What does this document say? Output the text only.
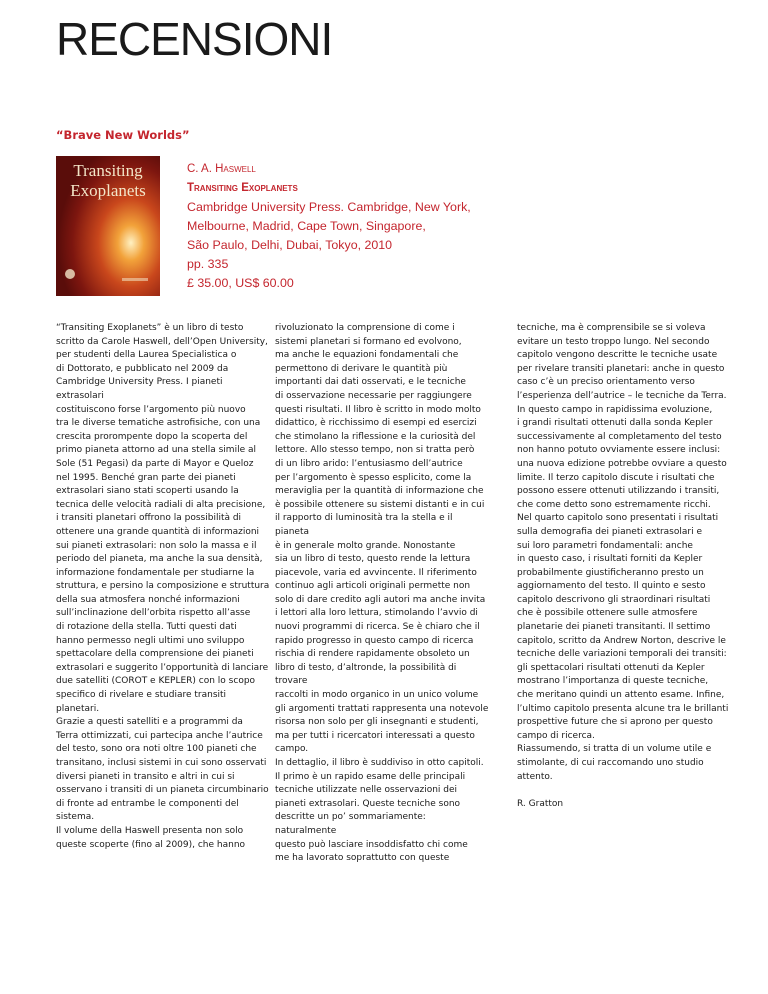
RECENSIONI
“Brave New Worlds”
Transiting
Exoplanets
C. A. Haswell
Transiting Exoplanets
Cambridge University Press. Cambridge, New York,
Melbourne, Madrid, Cape Town, Singapore,
São Paulo, Delhi, Dubai, Tokyo, 2010
pp. 335
£ 35.00, US$ 60.00

“Transiting Exoplanets” è un libro di testo
scritto da Carole Haswell, dell’Open University,
per studenti della Laurea Specialistica o
di Dottorato, e pubblicato nel 2009 da
Cambridge University Press. I pianeti extrasolari
costituiscono forse l’argomento più nuovo
tra le diverse tematiche astrofisiche, con una
crescita prorompente dopo la scoperta del
primo pianeta attorno ad una stella simile al
Sole (51 Pegasi) da parte di Mayor e Queloz
nel 1995. Benché gran parte dei pianeti
extrasolari siano stati scoperti usando la
tecnica delle velocità radiali di alta precisione,
i transiti planetari offrono la possibilità di
ottenere una grande quantità di informazioni
sui pianeti extrasolari: non solo la massa e il
periodo del pianeta, ma anche la sua densità,
informazione fondamentale per studiarne la
struttura, e persino la composizione e struttura
della sua atmosfera nonché informazioni
sull’inclinazione dell’orbita rispetto all’asse
di rotazione della stella. Tutti questi dati
hanno permesso negli ultimi uno sviluppo
spettacolare della comprensione dei pianeti
extrasolari e suggerito l’opportunità di lanciare
due satelliti (COROT e KEPLER) con lo scopo
specifico di rivelare e studiare transiti planetari.
Grazie a questi satelliti e a programmi da
Terra ottimizzati, cui partecipa anche l’autrice
del testo, sono ora noti oltre 100 pianeti che
transitano, inclusi sistemi in cui sono osservati
diversi pianeti in transito e altri in cui si
osservano i transiti di un pianeta circumbinario
di fronte ad entrambe le componenti del
sistema.

Il volume della Haswell presenta non solo
queste scoperte (fino al 2009), che hanno

rivoluzionato la comprensione di come i
sistemi planetari si formano ed evolvono,
ma anche le equazioni fondamentali che
permettono di derivare le quantità più
importanti dai dati osservati, e le tecniche
di osservazione necessarie per raggiungere
questi risultati. Il libro è scritto in modo molto
didattico, è ricchissimo di esempi ed esercizi
che stimolano la riflessione e la curiosità del
lettore. Allo stesso tempo, non si tratta però
di un libro arido: l’entusiasmo dell’autrice
per l’argomento è spesso esplicito, come la
meraviglia per la quantità di informazione che
è possibile ottenere su sistemi distanti e in cui
il rapporto di luminosità tra la stella e il pianeta
è in generale molto grande. Nonostante
sia un libro di testo, questo rende la lettura
piacevole, varia ed avvincente. Il riferimento
continuo agli articoli originali permette non
solo di dare credito agli autori ma anche invita
i lettori alla loro lettura, stimolando l’avvio di
nuovi programmi di ricerca. Se è chiaro che il
rapido progresso in questo campo di ricerca
rischia di rendere rapidamente obsoleto un
libro di testo, d’altronde, la possibilità di trovare
raccolti in modo organico in un unico volume
gli argomenti trattati rappresenta una notevole
risorsa non solo per gli insegnanti e studenti,
ma per tutti i ricercatori interessati a questo
campo.

In dettaglio, il libro è suddiviso in otto capitoli.
Il primo è un rapido esame delle principali
tecniche utilizzate nelle osservazioni dei
pianeti extrasolari. Queste tecniche sono
descritte un po’ sommariamente: naturalmente
questo può lasciare insoddisfatto chi come
me ha lavorato soprattutto con queste

tecniche, ma è comprensibile se si voleva
evitare un testo troppo lungo. Nel secondo
capitolo vengono descritte le tecniche usate
per rivelare transiti planetari: anche in questo
caso c’è un preciso orientamento verso
l’esperienza dell’autrice – le tecniche da Terra.
In questo campo in rapidissima evoluzione,
i grandi risultati ottenuti dalla sonda Kepler
successivamente al completamento del testo
non hanno potuto ovviamente essere inclusi:
una nuova edizione potrebbe ovviare a questo
limite. Il terzo capitolo discute i risultati che
possono essere ottenuti utilizzando i transiti,
che come detto sono estremamente ricchi.
Nel quarto capitolo sono presentati i risultati
sulla demografia dei pianeti extrasolari e
sui loro parametri fondamentali: anche
in questo caso, i risultati forniti da Kepler
probabilmente giustificheranno presto un
aggiornamento del testo. Il quinto e sesto
capitolo descrivono gli straordinari risultati
che è possibile ottenere sulle atmosfere
planetarie dei pianeti transitanti. Il settimo
capitolo, scritto da Andrew Norton, descrive le
tecniche delle variazioni temporali dei transiti:
gli spettacolari risultati ottenuti da Kepler
mostrano l’importanza di queste tecniche,
che meritano quindi un attento esame. Infine,
l’ultimo capitolo presenta alcune tra le brillanti
prospettive future che si aprono per questo
campo di ricerca.

Riassumendo, si tratta di un volume utile e
stimolante, di cui raccomando uno studio
attento.

R. Gratton
